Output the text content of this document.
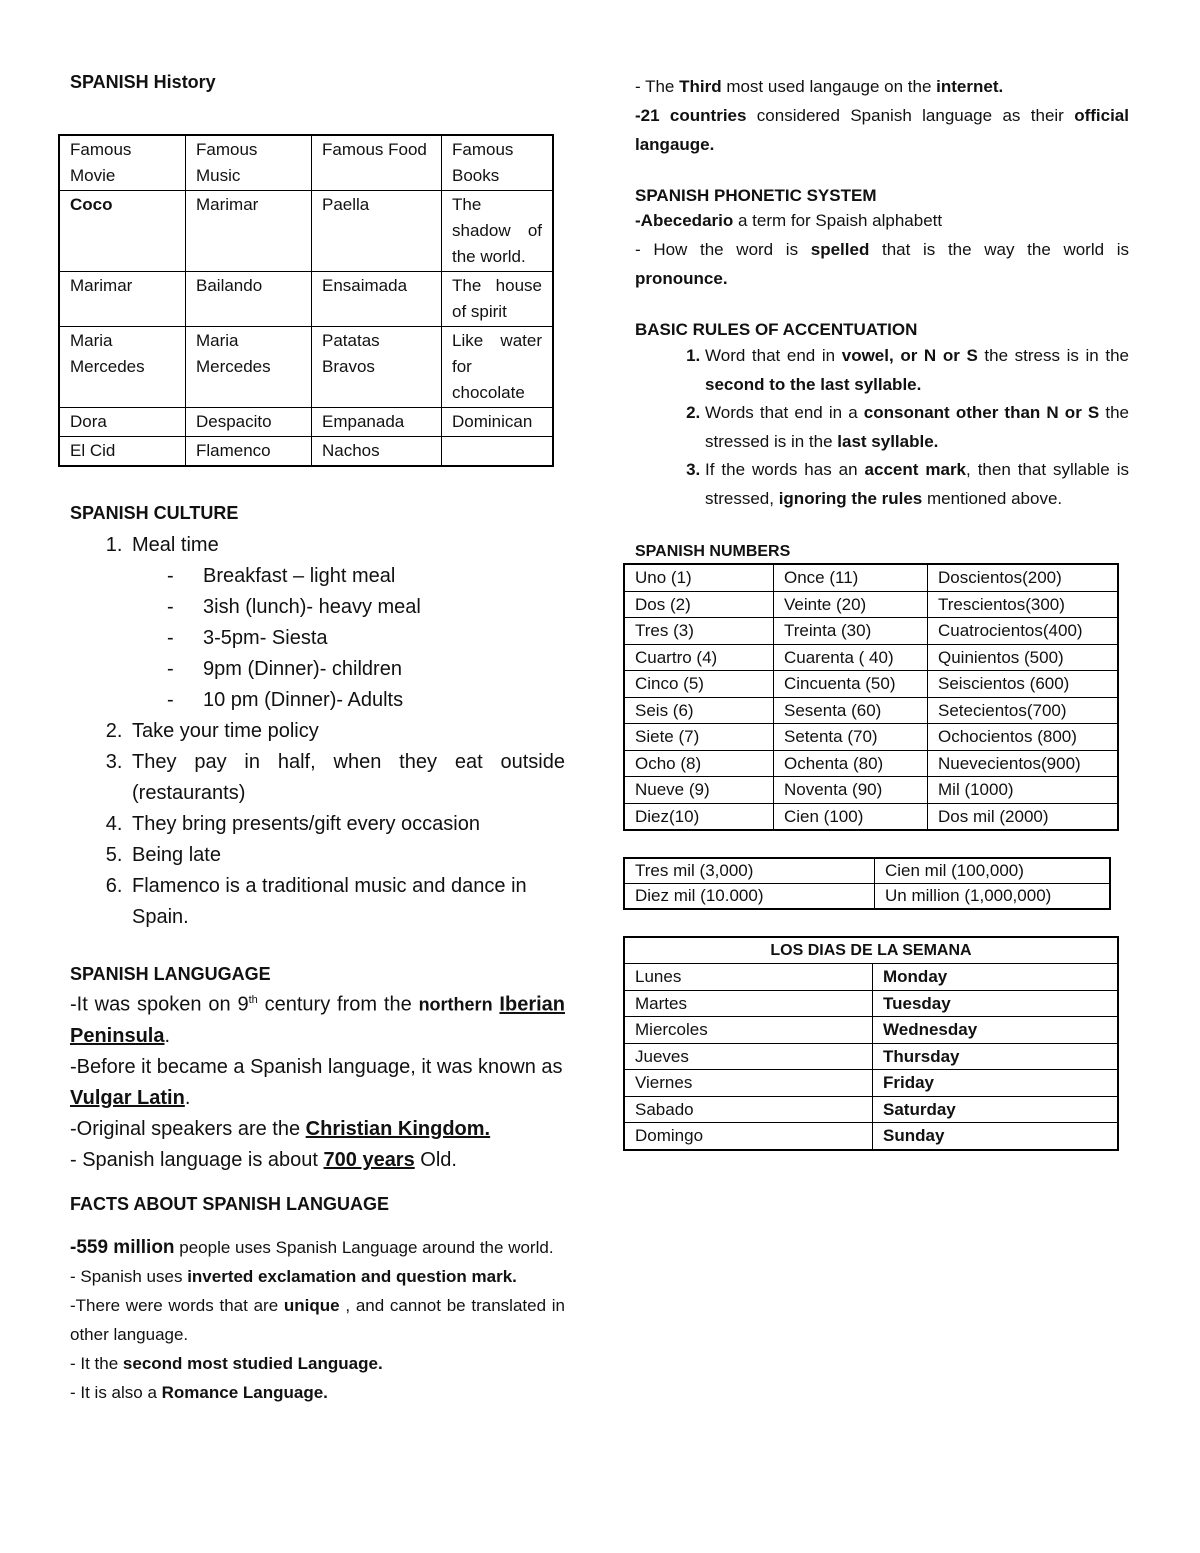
SPANISH History
Famous Movie	Famous Music	Famous Food	Famous Books
Coco	Marimar	Paella	The shadow of the world.
Marimar	Bailando	Ensaimada	The house of spirit
Maria Mercedes	Maria Mercedes	Patatas Bravos	Like water for chocolate
Dora	Despacito	Empanada	Dominican
El Cid	Flamenco	Nachos	
SPANISH CULTURE
1. Meal time
- Breakfast – light meal
- 3ish (lunch)- heavy meal
- 3-5pm- Siesta
- 9pm (Dinner)- children
- 10 pm (Dinner)- Adults
2. Take your time policy
3. They pay in half, when they eat outside (restaurants)
4. They bring presents/gift every occasion
5. Being late
6. Flamenco is a traditional music and dance in Spain.
SPANISH LANGUGAGE

-It was spoken on 9th century from the northern Iberian Peninsula.

-Before it became a Spanish language, it was known as Vulgar Latin.

-Original speakers are the Christian Kingdom.

- Spanish language is about 700 years Old.

FACTS ABOUT SPANISH LANGUAGE

-559 million people uses Spanish Language around the world.

- Spanish uses inverted exclamation and question mark.

-There were words that are unique , and cannot be translated in other language.

- It the second most studied Language.

- It is also a Romance Language.

- The Third most used langauge on the internet.

-21 countries considered Spanish language as their official langauge.

SPANISH PHONETIC SYSTEM

-Abecedario a term for Spaish alphabett

- How the word is spelled that is the way the world is pronounce.

BASIC RULES OF ACCENTUATION
1. Word that end in vowel, or N or S the stress is in the second to the last syllable.
2. Words that end in a consonant other than N or S the stressed is in the last syllable.
3. If the words has an accent mark, then that syllable is stressed, ignoring the rules mentioned above.
SPANISH NUMBERS
Uno (1)	Once (11)	Doscientos(200)
Dos (2)	Veinte (20)	Trescientos(300)
Tres (3)	Treinta (30)	Cuatrocientos(400)
Cuartro (4)	Cuarenta ( 40)	Quinientos (500)
Cinco (5)	Cincuenta (50)	Seiscientos (600)
Seis (6)	Sesenta (60)	Setecientos(700)
Siete (7)	Setenta (70)	Ochocientos (800)
Ocho (8)	Ochenta (80)	Nuevecientos(900)
Nueve (9)	Noventa (90)	Mil (1000)
Diez(10)	Cien (100)	Dos mil (2000)
Tres mil (3,000)	Cien mil (100,000)
Diez mil (10.000)	Un million (1,000,000)
LOS DIAS DE LA SEMANA	
Lunes	Monday
Martes	Tuesday
Miercoles	Wednesday
Jueves	Thursday
Viernes	Friday
Sabado	Saturday
Domingo	Sunday
